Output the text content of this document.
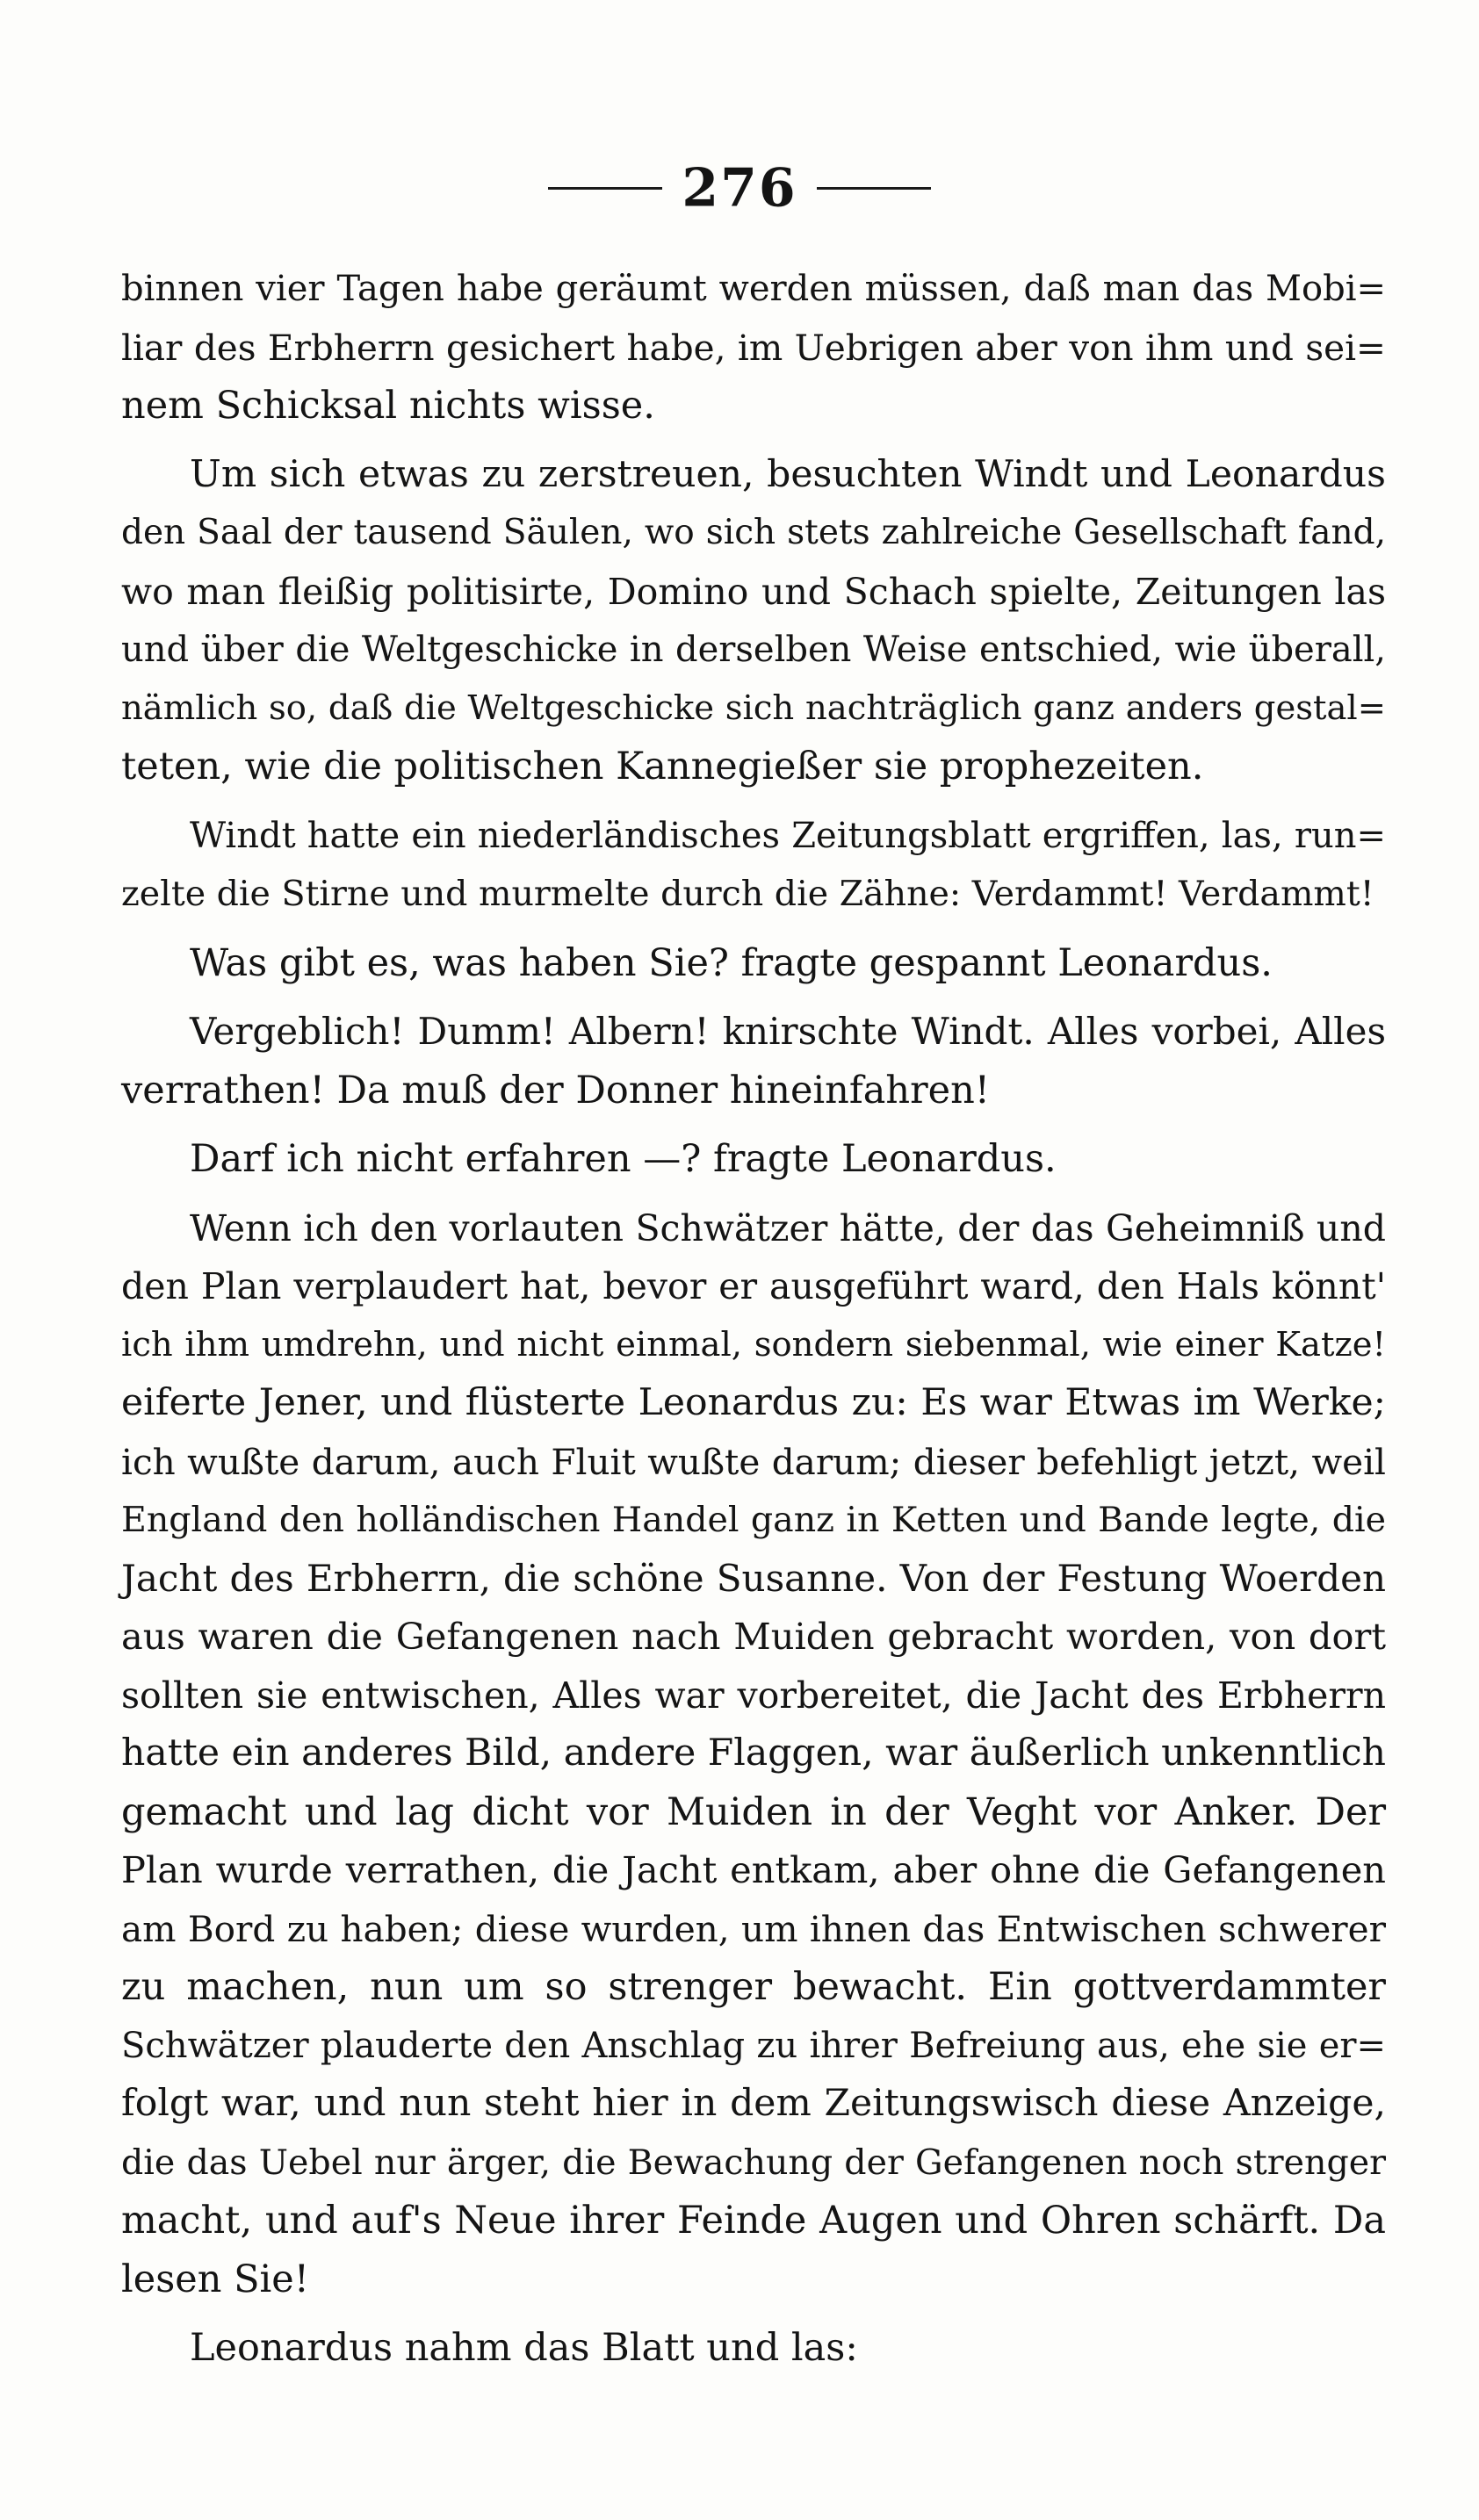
276
binnen vier Tagen habe geräumt werden müssen, daß man das Mobi=
liar des Erbherrn gesichert habe, im Uebrigen aber von ihm und sei=
nem Schicksal nichts wisse.
Um sich etwas zu zerstreuen, besuchten Windt und Leonardus
den Saal der tausend Säulen, wo sich stets zahlreiche Gesellschaft fand,
wo man fleißig politisirte, Domino und Schach spielte, Zeitungen las
und über die Weltgeschicke in derselben Weise entschied, wie überall,
nämlich so, daß die Weltgeschicke sich nachträglich ganz anders gestal=
teten, wie die politischen Kannegießer sie prophezeiten.
Windt hatte ein niederländisches Zeitungsblatt ergriffen, las, run=
zelte die Stirne und murmelte durch die Zähne: Verdammt! Verdammt!
Was gibt es, was haben Sie? fragte gespannt Leonardus.
Vergeblich! Dumm! Albern! knirschte Windt. Alles vorbei, Alles
verrathen! Da muß der Donner hineinfahren!
Darf ich nicht erfahren —? fragte Leonardus.
Wenn ich den vorlauten Schwätzer hätte, der das Geheimniß und
den Plan verplaudert hat, bevor er ausgeführt ward, den Hals könnt'
ich ihm umdrehn, und nicht einmal, sondern siebenmal, wie einer Katze!
eiferte Jener, und flüsterte Leonardus zu: Es war Etwas im Werke;
ich wußte darum, auch Fluit wußte darum; dieser befehligt jetzt, weil
England den holländischen Handel ganz in Ketten und Bande legte, die
Jacht des Erbherrn, die schöne Susanne. Von der Festung Woerden
aus waren die Gefangenen nach Muiden gebracht worden, von dort
sollten sie entwischen, Alles war vorbereitet, die Jacht des Erbherrn
hatte ein anderes Bild, andere Flaggen, war äußerlich unkenntlich
gemacht und lag dicht vor Muiden in der Veght vor Anker. Der
Plan wurde verrathen, die Jacht entkam, aber ohne die Gefangenen
am Bord zu haben; diese wurden, um ihnen das Entwischen schwerer
zu machen, nun um so strenger bewacht. Ein gottverdammter
Schwätzer plauderte den Anschlag zu ihrer Befreiung aus, ehe sie er=
folgt war, und nun steht hier in dem Zeitungswisch diese Anzeige,
die das Uebel nur ärger, die Bewachung der Gefangenen noch strenger
macht, und auf's Neue ihrer Feinde Augen und Ohren schärft. Da
lesen Sie!
Leonardus nahm das Blatt und las:
